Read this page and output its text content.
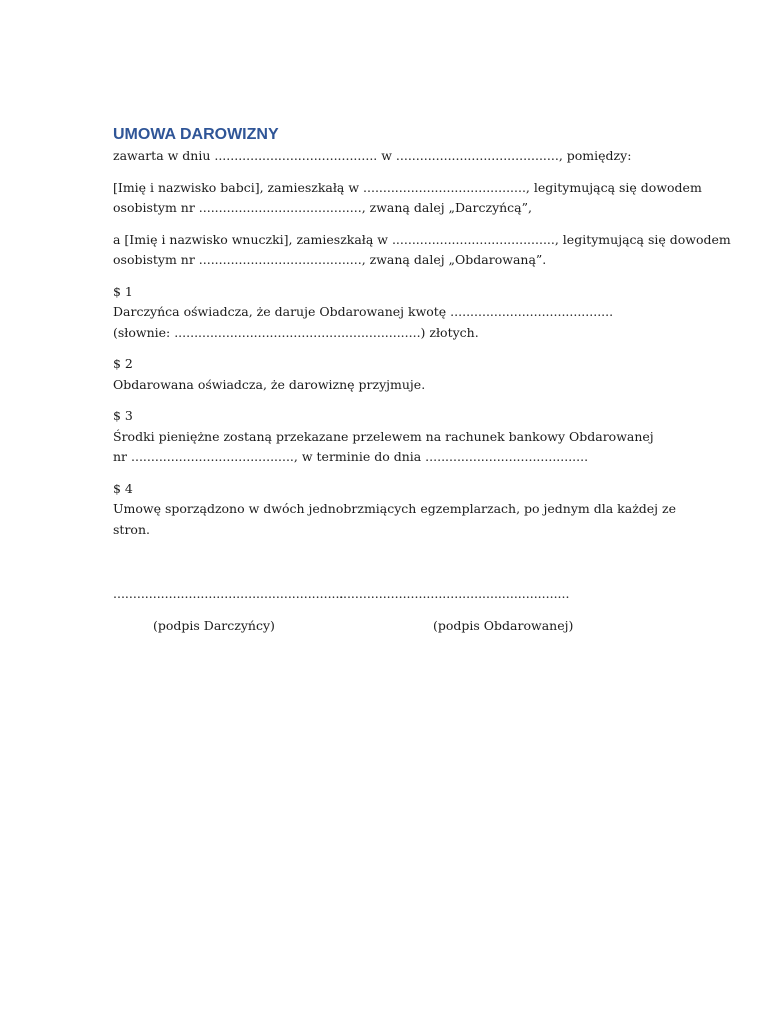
UMOWA DAROWIZNY

zawarta w dniu ......................................... w ........................................., pomiędzy:

[Imię i nazwisko babci], zamieszkałą w ........................................., legitymującą się dowodem
osobistym nr ........................................., zwaną dalej „Darczyńcą”,

a [Imię i nazwisko wnuczki], zamieszkałą w ........................................., legitymującą się dowodem
osobistym nr ........................................., zwaną dalej „Obdarowaną”.

$ 1
Darczyńca oświadcza, że daruje Obdarowanej kwotę .........................................
(słownie: ..............................................................) złotych.

$ 2
Obdarowana oświadcza, że darowiznę przyjmuje.

$ 3
Środki pieniężne zostaną przekazane przelewem na rachunek bankowy Obdarowanej
nr ........................................., w terminie do dnia .........................................

$ 4
Umowę sporządzono w dwóch jednobrzmiących egzemplarzach, po jednym dla każdej ze
stron.

..........................................................
..........................................................
(podpis Darczyńcy)	(podpis Obdarowanej)
